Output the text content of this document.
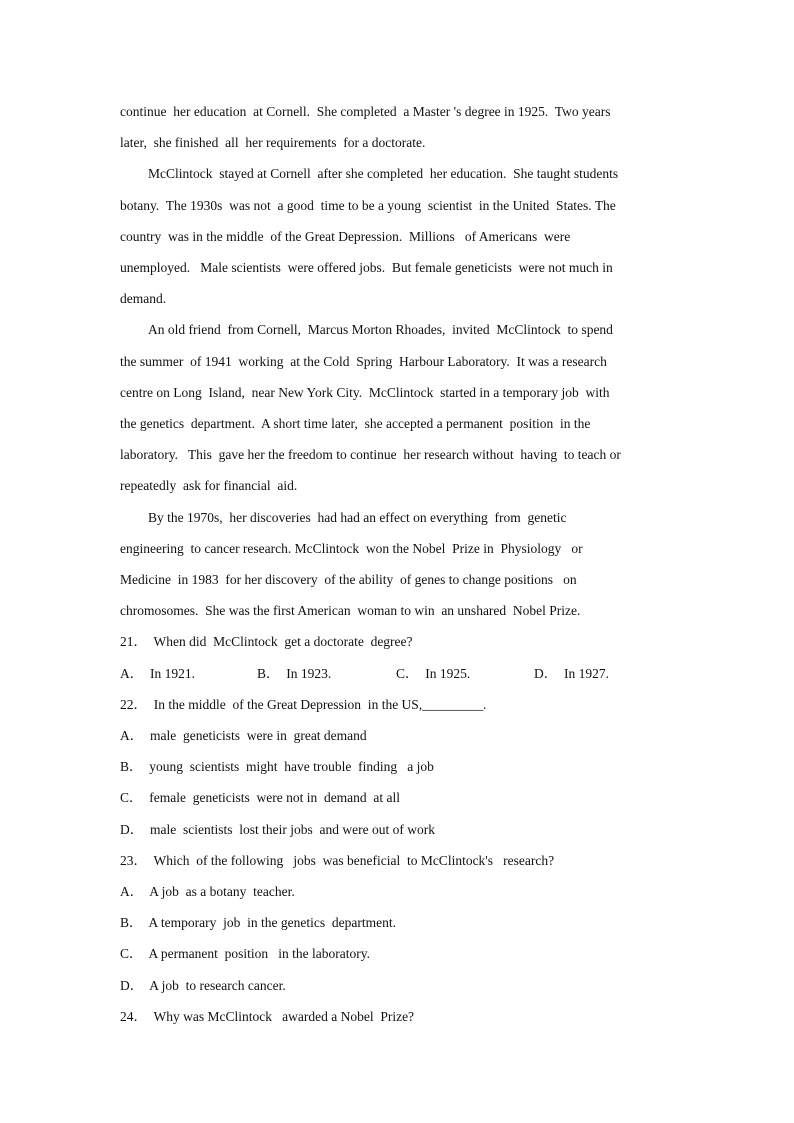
continue  her education  at Cornell.  She completed  a Master 's degree in 1925.  Two years
later,  she finished  all  her requirements  for a doctorate.
McClintock  stayed at Cornell  after she completed  her education.  She taught students
botany.  The 1930s  was not  a good  time to be a young  scientist  in the United  States. The
country  was in the middle  of the Great Depression.  Millions   of Americans  were
unemployed.   Male scientists  were offered jobs.  But female geneticists  were not much in
demand.
An old friend  from Cornell,  Marcus Morton Rhoades,  invited  McClintock  to spend
the summer  of 1941  working  at the Cold  Spring  Harbour Laboratory.  It was a research
centre on Long  Island,  near New York City.  McClintock  started in a temporary job  with
the genetics  department.  A short time later,  she accepted a permanent  position  in the
laboratory.   This  gave her the freedom to continue  her research without  having  to teach or
repeatedly  ask for financial  aid.
By the 1970s,  her discoveries  had had an effect on everything  from  genetic
engineering  to cancer research. McClintock  won the Nobel  Prize in  Physiology   or
Medicine  in 1983  for her discovery  of the ability  of genes to change positions   on
chromosomes.  She was the first American  woman to win  an unshared  Nobel Prize.
21．  When did  McClintock  get a doctorate  degree?
A．  In 1921.	B．  In 1923.	C．  In 1925.	D．  In 1927.
22．  In the middle  of the Great Depression  in the US,_________.
A．  male  geneticists  were in  great demand
B．  young  scientists  might  have trouble  finding   a job
C．  female  geneticists  were not in  demand  at all
D．  male  scientists  lost their jobs  and were out of work
23．  Which  of the following   jobs  was beneficial  to McClintock's   research?
A．  A job  as a botany  teacher.
B．  A temporary  job  in the genetics  department.
C．  A permanent  position   in the laboratory.
D．  A job  to research cancer.
24．  Why was McClintock   awarded a Nobel  Prize?
